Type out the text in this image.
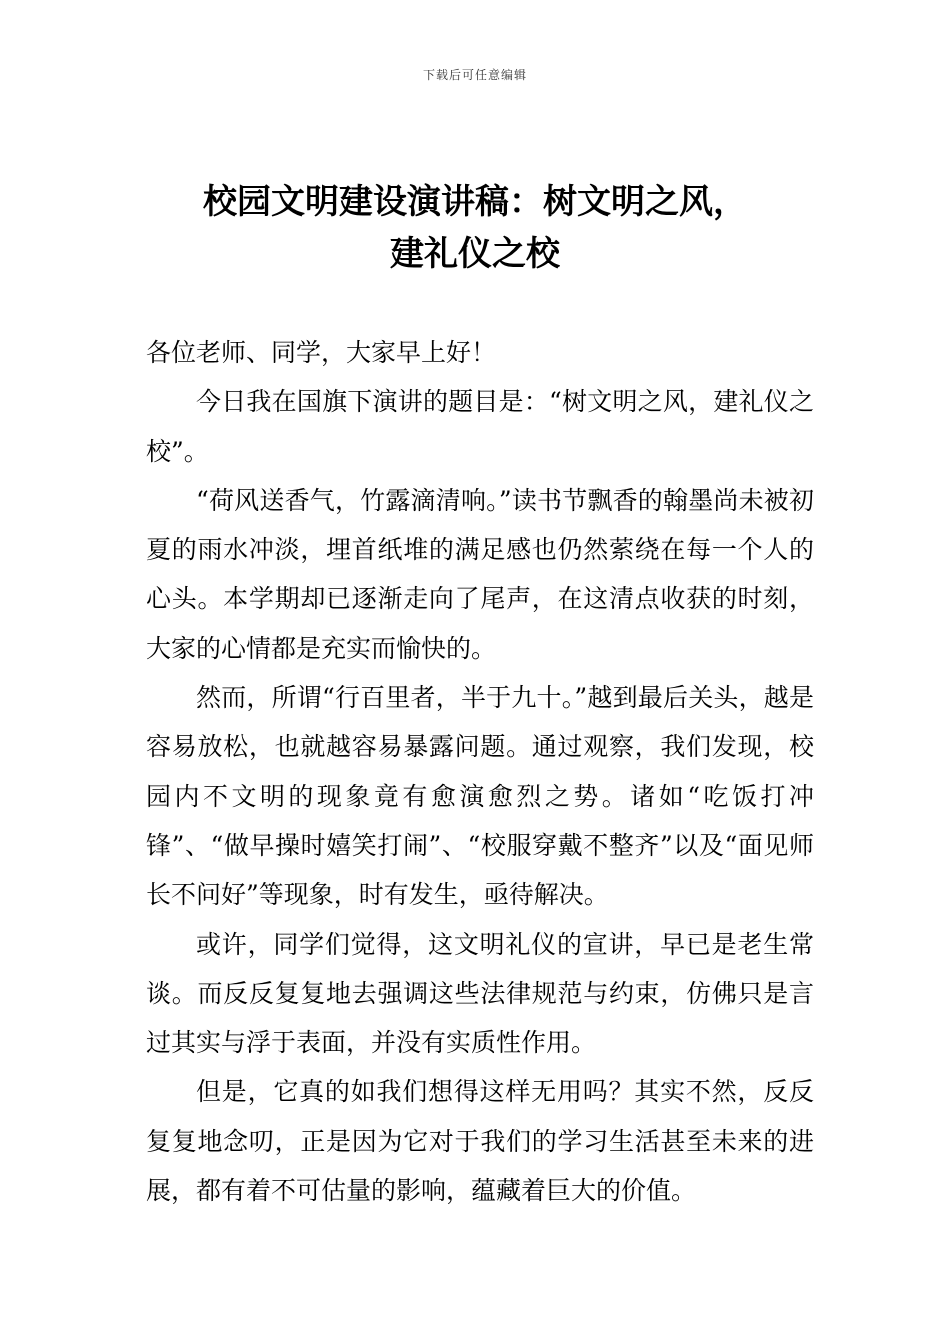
下载后可任意编辑
校园文明建设演讲稿：树文明之风，
建礼仪之校

各位老师、同学，大家早上好！

今日我在国旗下演讲的题目是：“树文明之风，建礼仪之校”。

“荷风送香气，竹露滴清响。”读书节飘香的翰墨尚未被初夏的雨水冲淡，埋首纸堆的满足感也仍然萦绕在每一个人的心头。本学期却已逐渐走向了尾声，在这清点收获的时刻，大家的心情都是充实而愉快的。

然而，所谓“行百里者，半于九十。”越到最后关头，越是容易放松，也就越容易暴露问题。通过观察，我们发现，校园内不文明的现象竟有愈演愈烈之势。诸如“吃饭打冲锋”、“做早操时嬉笑打闹”、“校服穿戴不整齐”以及“面见师长不问好”等现象，时有发生，亟待解决。

或许，同学们觉得，这文明礼仪的宣讲，早已是老生常谈。而反反复复地去强调这些法律规范与约束，仿佛只是言过其实与浮于表面，并没有实质性作用。

但是，它真的如我们想得这样无用吗？其实不然，反反复复地念叨，正是因为它对于我们的学习生活甚至未来的进展，都有着不可估量的影响，蕴藏着巨大的价值。
